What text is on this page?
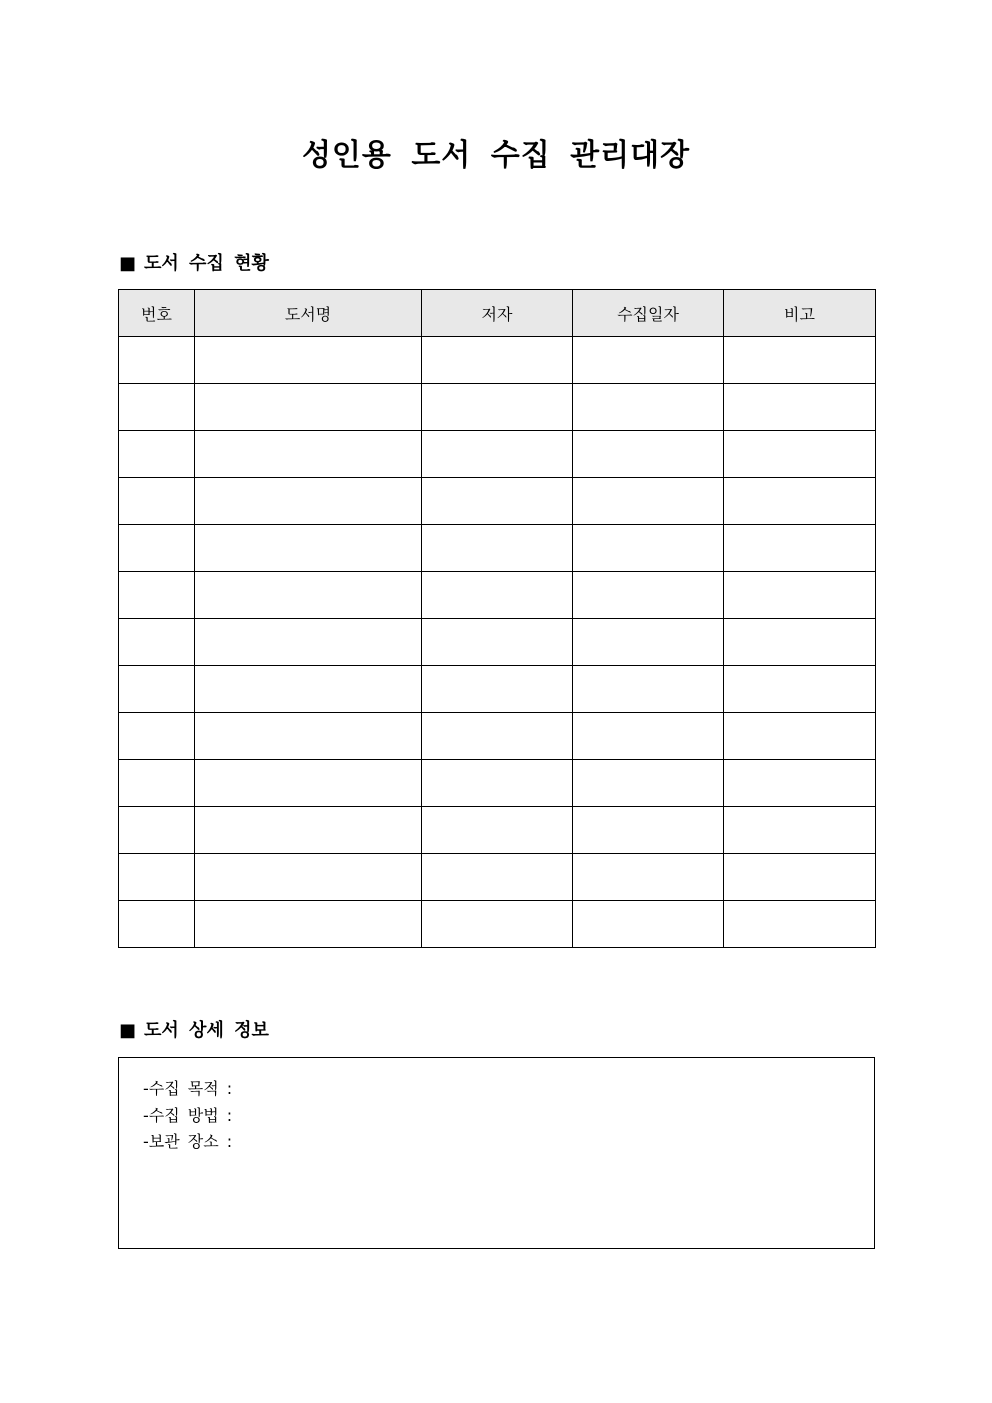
성인용 도서 수집 관리대장
■ 도서 수집 현황
번호	도서명	저자	수집일자	비고

■ 도서 상세 정보
-수집 목적 :
-수집 방법 :
-보관 장소 :
